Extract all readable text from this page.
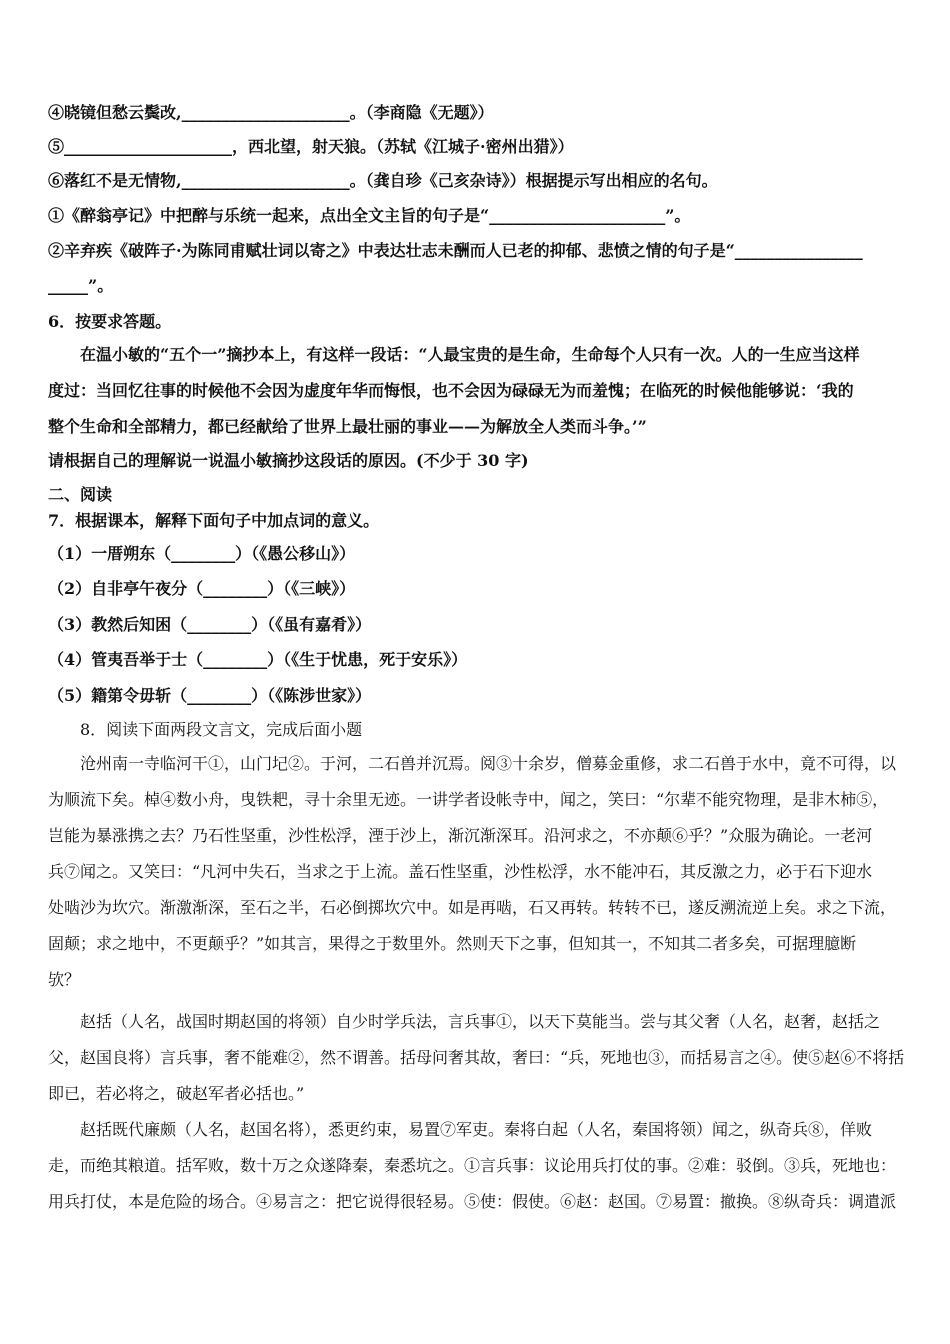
④晓镜但愁云鬓改,_____________________。（李商隐《无题》）
⑤_____________________，西北望，射天狼。（苏轼《江城子·密州出猎》）
⑥落红不是无情物,_____________________。（龚自珍《己亥杂诗》）根据提示写出相应的名句。
①《醉翁亭记》中把醉与乐统一起来，点出全文主旨的句子是“______________________”。
②辛弃疾《破阵子·为陈同甫赋壮词以寄之》中表达壮志未酬而人已老的抑郁、悲愤之情的句子是“________________
_____”。
6．按要求答题。
在温小敏的“五个一”摘抄本上，有这样一段话：“人最宝贵的是生命，生命每个人只有一次。人的一生应当这样
度过：当回忆往事的时候他不会因为虚度年华而悔恨，也不会因为碌碌无为而羞愧；在临死的时候他能够说：‘我的
整个生命和全部精力，都已经献给了世界上最壮丽的事业——为解放全人类而斗争。’”
请根据自己的理解说一说温小敏摘抄这段话的原因。(不少于 30 字)
二、阅读
7．根据课本，解释下面句子中加点词的意义。
（1）一厝朔东（________）（《愚公移山》）
（2）自非亭午夜分（________）（《三峡》）
（3）教然后知困（________）（《虽有嘉肴》）
（4）管夷吾举于士（________）（《生于忧患，死于安乐》）
（5）籍第令毋斩（________）（《陈涉世家》）
8．阅读下面两段文言文，完成后面小题
沧州南一寺临河干①，山门圮②。于河，二石兽并沉焉。阅③十余岁，僧募金重修，求二石兽于水中，竟不可得，以
为顺流下矣。棹④数小舟，曳铁耙，寻十余里无迹。一讲学者设帐寺中，闻之，笑曰：“尔辈不能究物理，是非木柿⑤，
岂能为暴涨携之去？乃石性坚重，沙性松浮，湮于沙上，渐沉渐深耳。沿河求之，不亦颠⑥乎？”众服为确论。一老河
兵⑦闻之。又笑曰：“凡河中失石，当求之于上流。盖石性坚重，沙性松浮，水不能冲石，其反激之力，必于石下迎水
处啮沙为坎穴。渐激渐深，至石之半，石必倒掷坎穴中。如是再啮，石又再转。转转不已，遂反溯流逆上矣。求之下流，
固颠；求之地中，不更颠乎？”如其言，果得之于数里外。然则天下之事，但知其一，不知其二者多矣，可据理臆断
欤？
赵括（人名，战国时期赵国的将领）自少时学兵法，言兵事①，以天下莫能当。尝与其父奢（人名，赵奢，赵括之
父，赵国良将）言兵事，奢不能难②，然不谓善。括母问奢其故，奢曰：“兵，死地也③，而括易言之④。使⑤赵⑥不将括
即已，若必将之，破赵军者必括也。”
赵括既代廉颇（人名，赵国名将），悉更约束，易置⑦军吏。秦将白起（人名，秦国将领）闻之，纵奇兵⑧，佯败
走，而绝其粮道。括军败，数十万之众遂降秦，秦悉坑之。①言兵事：议论用兵打仗的事。②难：驳倒。③兵，死地也：
用兵打仗，本是危险的场合。④易言之：把它说得很轻易。⑤使：假使。⑥赵：赵国。⑦易置：撤换。⑧纵奇兵：调遣派
